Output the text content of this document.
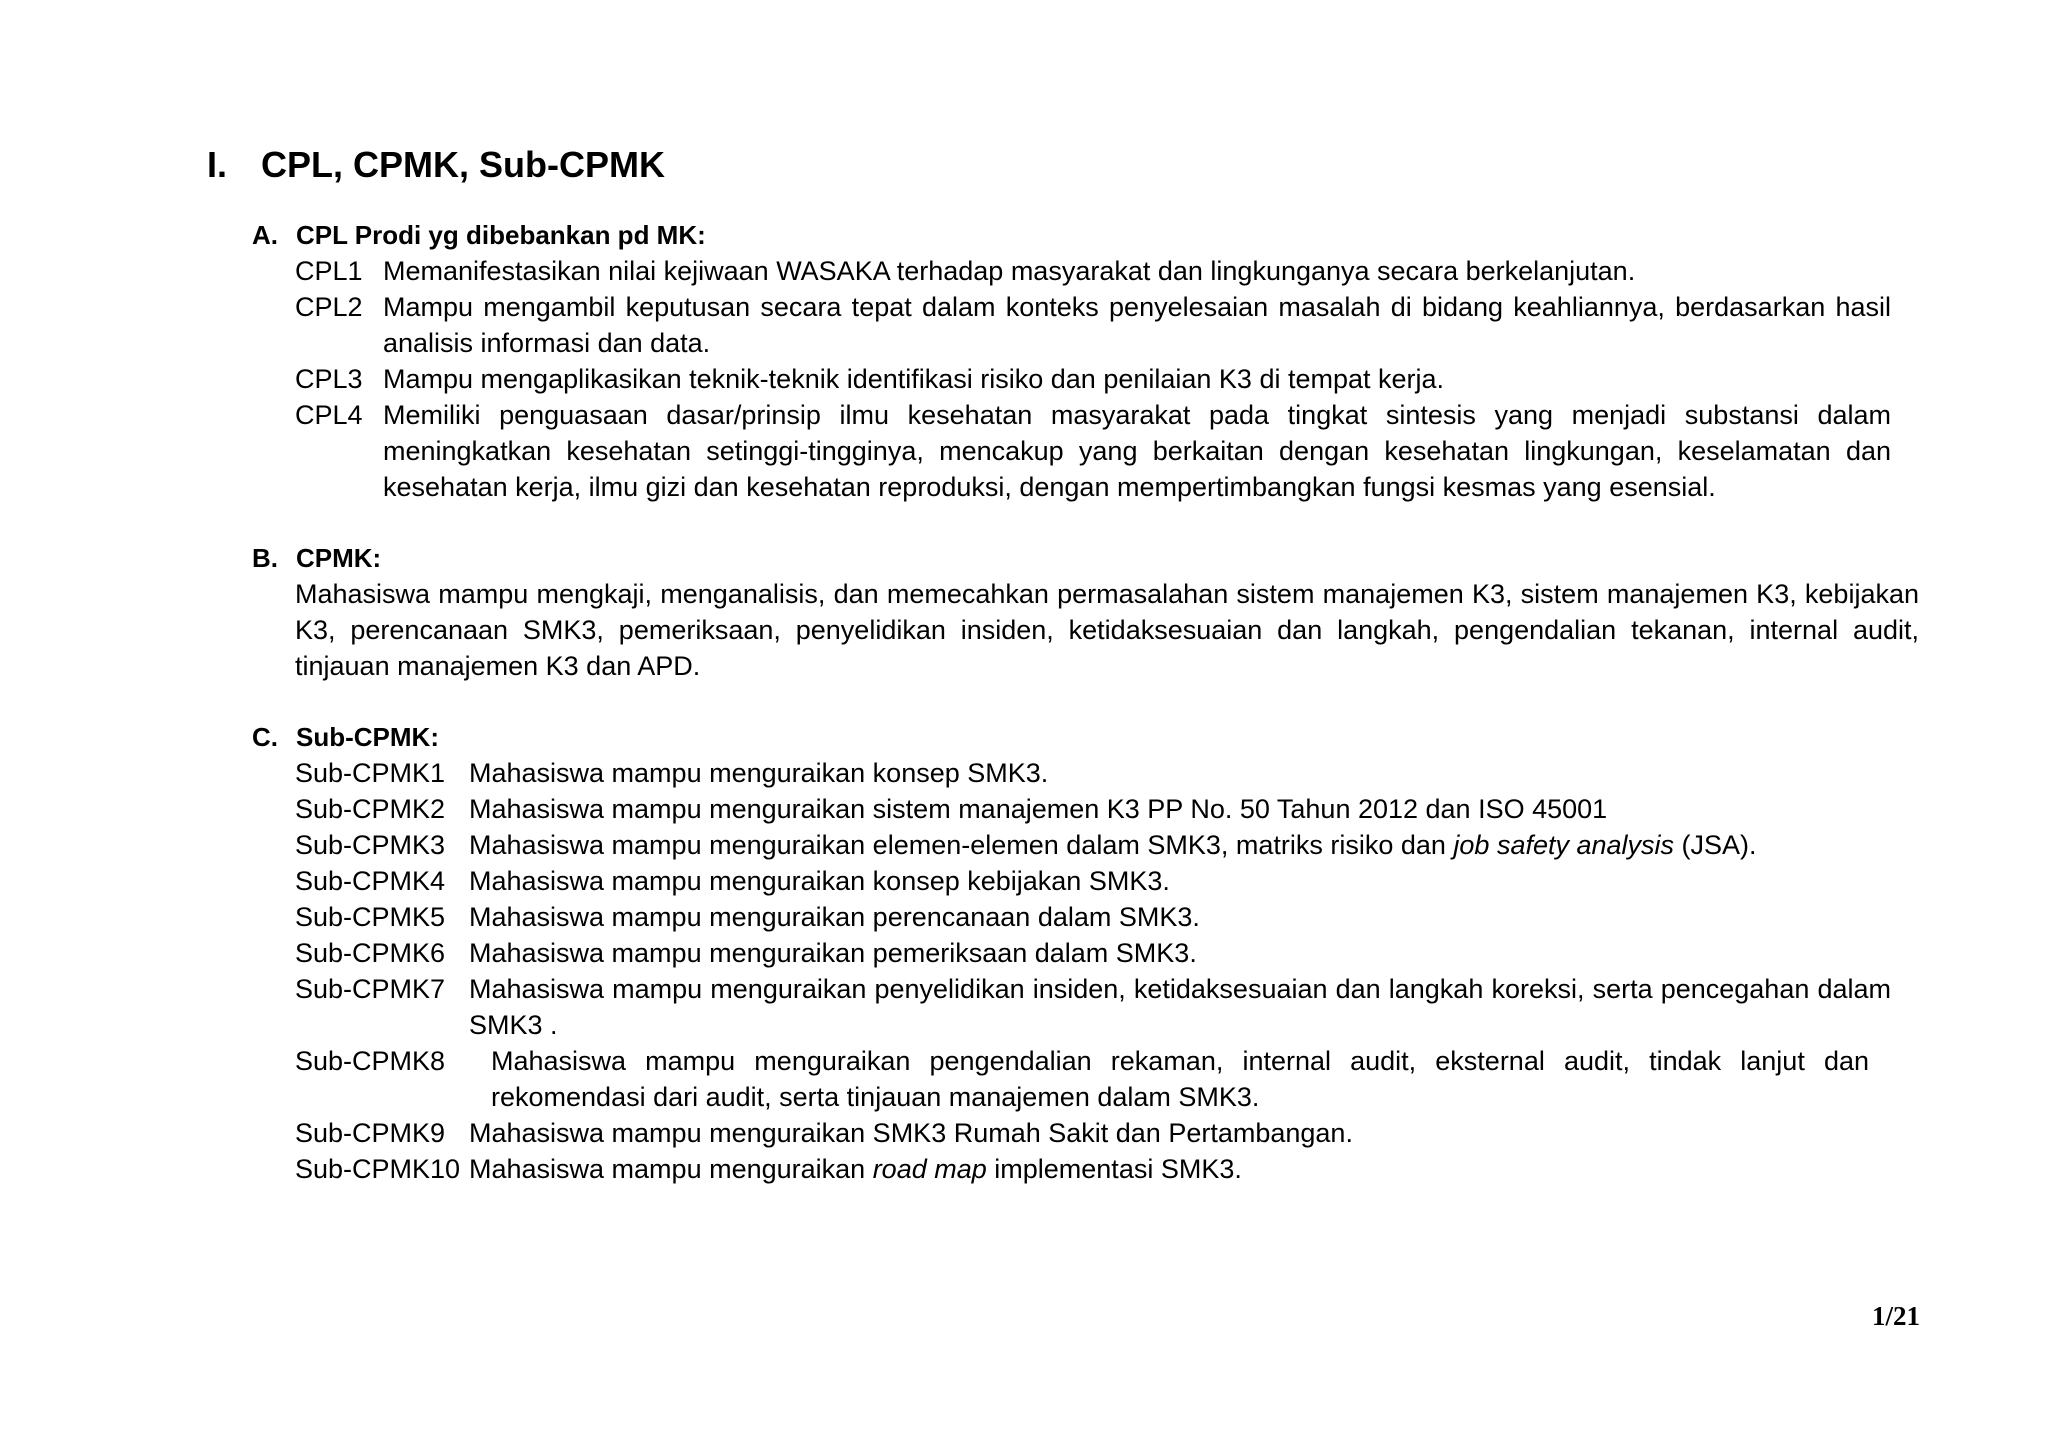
I. CPL, CPMK, Sub-CPMK
A. CPL Prodi yg dibebankan pd MK:
CPL1 Memanifestasikan nilai kejiwaan WASAKA terhadap masyarakat dan lingkunganya secara berkelanjutan.
CPL2 Mampu mengambil keputusan secara tepat dalam konteks penyelesaian masalah di bidang keahliannya, berdasarkan hasil analisis informasi dan data.
CPL3 Mampu mengaplikasikan teknik-teknik identifikasi risiko dan penilaian K3 di tempat kerja.
CPL4 Memiliki penguasaan dasar/prinsip ilmu kesehatan masyarakat pada tingkat sintesis yang menjadi substansi dalam meningkatkan kesehatan setinggi-tingginya, mencakup yang berkaitan dengan kesehatan lingkungan, keselamatan dan kesehatan kerja, ilmu gizi dan kesehatan reproduksi, dengan mempertimbangkan fungsi kesmas yang esensial.
B. CPMK:
Mahasiswa mampu mengkaji, menganalisis, dan memecahkan permasalahan sistem manajemen K3, sistem manajemen K3, kebijakan K3, perencanaan SMK3, pemeriksaan, penyelidikan insiden, ketidaksesuaian dan langkah, pengendalian tekanan, internal audit, tinjauan manajemen K3 dan APD.
C. Sub-CPMK:
Sub-CPMK1 Mahasiswa mampu menguraikan konsep SMK3.
Sub-CPMK2 Mahasiswa mampu menguraikan sistem manajemen K3 PP No. 50 Tahun 2012 dan ISO 45001
Sub-CPMK3 Mahasiswa mampu menguraikan elemen-elemen dalam SMK3, matriks risiko dan job safety analysis (JSA).
Sub-CPMK4 Mahasiswa mampu menguraikan konsep kebijakan SMK3.
Sub-CPMK5 Mahasiswa mampu menguraikan perencanaan dalam SMK3.
Sub-CPMK6 Mahasiswa mampu menguraikan pemeriksaan dalam SMK3.
Sub-CPMK7 Mahasiswa mampu menguraikan penyelidikan insiden, ketidaksesuaian dan langkah koreksi, serta pencegahan dalam SMK3 .
Sub-CPMK8	Mahasiswa mampu menguraikan pengendalian rekaman, internal audit, eksternal audit, tindak lanjut dan rekomendasi dari audit, serta tinjauan manajemen dalam SMK3.
Sub-CPMK9 Mahasiswa mampu menguraikan SMK3 Rumah Sakit dan Pertambangan.
Sub-CPMK10 Mahasiswa mampu menguraikan road map implementasi SMK3.
1/21
